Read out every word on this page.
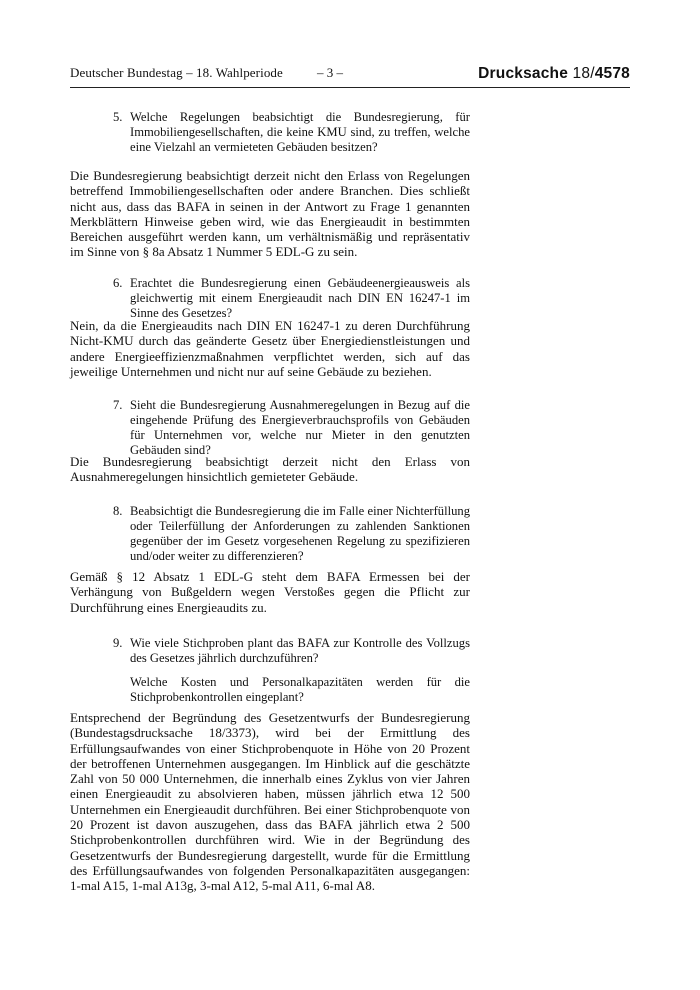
Deutscher Bundestag – 18. Wahlperiode	– 3 –	Drucksache 18/4578
5. Welche Regelungen beabsichtigt die Bundesregierung, für Immobiliengesellschaften, die keine KMU sind, zu treffen, welche eine Vielzahl an vermieteten Gebäuden besitzen?

Die Bundesregierung beabsichtigt derzeit nicht den Erlass von Regelungen betreffend Immobiliengesellschaften oder andere Branchen. Dies schließt nicht aus, dass das BAFA in seinen in der Antwort zu Frage 1 genannten Merkblättern Hinweise geben wird, wie das Energieaudit in bestimmten Bereichen ausgeführt werden kann, um verhältnismäßig und repräsentativ im Sinne von § 8a Absatz 1 Nummer 5 EDL-G zu sein.

6. Erachtet die Bundesregierung einen Gebäudeenergieausweis als gleichwertig mit einem Energieaudit nach DIN EN 16247-1 im Sinne des Gesetzes?

Nein, da die Energieaudits nach DIN EN 16247-1 zu deren Durchführung Nicht-KMU durch das geänderte Gesetz über Energiedienstleistungen und andere Energieeffizienzmaßnahmen verpflichtet werden, sich auf das jeweilige Unternehmen und nicht nur auf seine Gebäude zu beziehen.

7. Sieht die Bundesregierung Ausnahmeregelungen in Bezug auf die eingehende Prüfung des Energieverbrauchsprofils von Gebäuden für Unternehmen vor, welche nur Mieter in den genutzten Gebäuden sind?

Die Bundesregierung beabsichtigt derzeit nicht den Erlass von Ausnahmeregelungen hinsichtlich gemieteter Gebäude.

8. Beabsichtigt die Bundesregierung die im Falle einer Nichterfüllung oder Teilerfüllung der Anforderungen zu zahlenden Sanktionen gegenüber der im Gesetz vorgesehenen Regelung zu spezifizieren und/oder weiter zu differenzieren?

Gemäß § 12 Absatz 1 EDL-G steht dem BAFA Ermessen bei der Verhängung von Bußgeldern wegen Verstoßes gegen die Pflicht zur Durchführung eines Energieaudits zu.

9. Wie viele Stichproben plant das BAFA zur Kontrolle des Vollzugs des Gesetzes jährlich durchzuführen?

Welche Kosten und Personalkapazitäten werden für die Stichprobenkontrollen eingeplant?

Entsprechend der Begründung des Gesetzentwurfs der Bundesregierung (Bundestagsdrucksache 18/3373), wird bei der Ermittlung des Erfüllungsaufwandes von einer Stichprobenquote in Höhe von 20 Prozent der betroffenen Unternehmen ausgegangen. Im Hinblick auf die geschätzte Zahl von 50 000 Unternehmen, die innerhalb eines Zyklus von vier Jahren einen Energieaudit zu absolvieren haben, müssen jährlich etwa 12 500 Unternehmen ein Energieaudit durchführen. Bei einer Stichprobenquote von 20 Prozent ist davon auszugehen, dass das BAFA jährlich etwa 2 500 Stichprobenkontrollen durchführen wird. Wie in der Begründung des Gesetzentwurfs der Bundesregierung dargestellt, wurde für die Ermittlung des Erfüllungsaufwandes von folgenden Personalkapazitäten ausgegangen: 1-mal A15, 1-mal A13g, 3-mal A12, 5-mal A11, 6-mal A8.
